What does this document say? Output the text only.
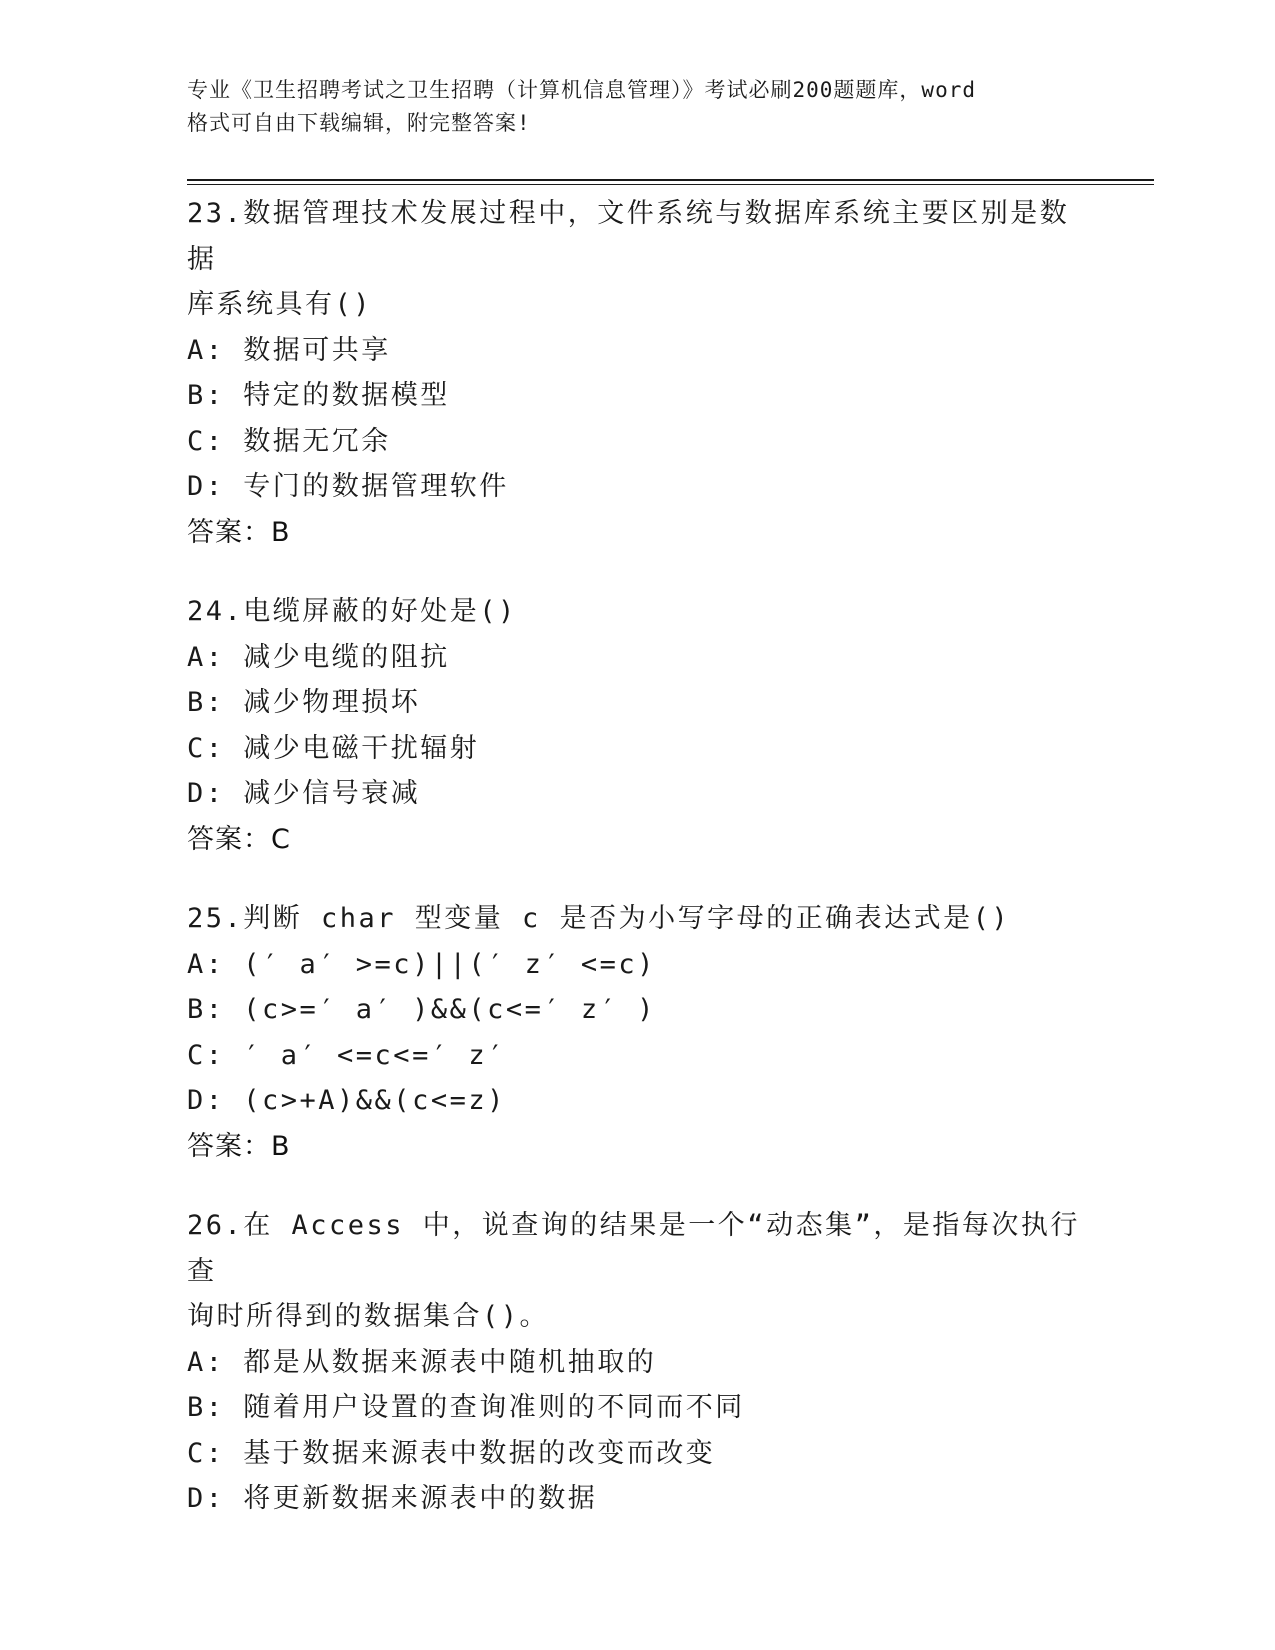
专业《卫生招聘考试之卫生招聘（计算机信息管理）》考试必刷200题题库，word
格式可自由下载编辑，附完整答案!
23.数据管理技术发展过程中，文件系统与数据库系统主要区别是数据
库系统具有()
A: 数据可共享
B: 特定的数据模型
C: 数据无冗余
D: 专门的数据管理软件
答案：B
24.电缆屏蔽的好处是()
A: 减少电缆的阻抗
B: 减少物理损坏
C: 减少电磁干扰辐射
D: 减少信号衰减
答案：C
25.判断 char 型变量 c 是否为小写字母的正确表达式是()
A: (′ a′ >=c)||(′ z′ <=c)
B: (c>=′ a′ )&&(c<=′ z′ )
C: ′ a′ <=c<=′ z′
D: (c>+A)&&(c<=z)
答案：B
26.在 Access 中，说查询的结果是一个“动态集”，是指每次执行查
询时所得到的数据集合()。
A: 都是从数据来源表中随机抽取的
B: 随着用户设置的查询准则的不同而不同
C: 基于数据来源表中数据的改变而改变
D: 将更新数据来源表中的数据
